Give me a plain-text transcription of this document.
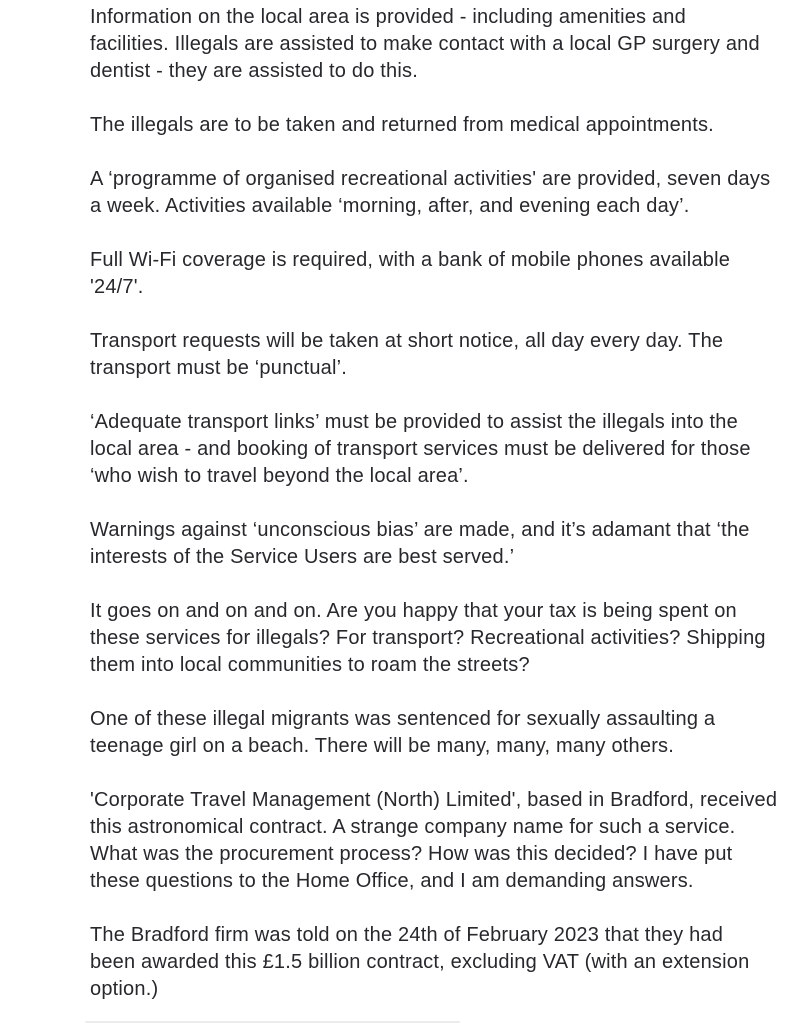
Information on the local area is provided - including amenities and
facilities. Illegals are assisted to make contact with a local GP surgery and
dentist - they are assisted to do this.
The illegals are to be taken and returned from medical appointments.
A ‘programme of organised recreational activities' are provided, seven days
a week. Activities available ‘morning, after, and evening each day’.
Full Wi-Fi coverage is required, with a bank of mobile phones available
'24/7'.
Transport requests will be taken at short notice, all day every day. The
transport must be ‘punctual’.
‘Adequate transport links’ must be provided to assist the illegals into the
local area - and booking of transport services must be delivered for those
‘who wish to travel beyond the local area’.
Warnings against ‘unconscious bias’ are made, and it’s adamant that ‘the
interests of the Service Users are best served.’
It goes on and on and on. Are you happy that your tax is being spent on
these services for illegals? For transport? Recreational activities? Shipping
them into local communities to roam the streets?
One of these illegal migrants was sentenced for sexually assaulting a
teenage girl on a beach. There will be many, many, many others.
'Corporate Travel Management (North) Limited', based in Bradford, received
this astronomical contract. A strange company name for such a service.
What was the procurement process? How was this decided? I have put
these questions to the Home Office, and I am demanding answers.
The Bradford firm was told on the 24th of February 2023 that they had
been awarded this £1.5 billion contract, excluding VAT (with an extension
option.)
